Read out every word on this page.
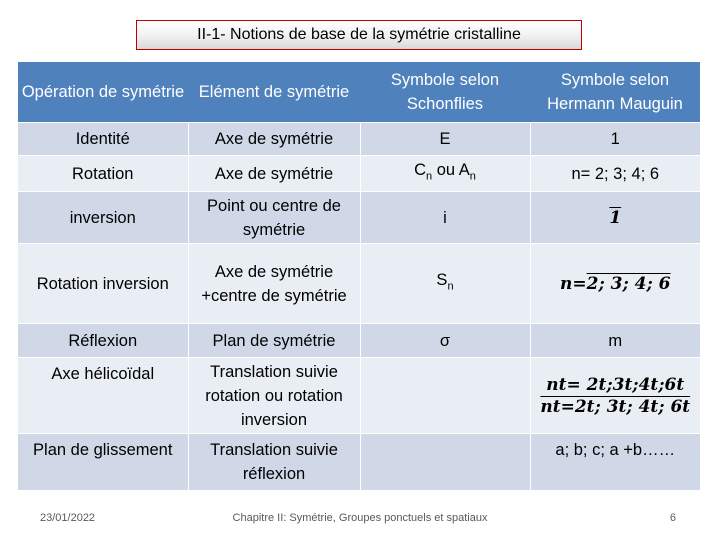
II-1- Notions de base de la symétrie cristalline
Opération de symétrie	Elément de symétrie	Symbole selon Schonflies	Symbole selon Hermann Mauguin
Identité	Axe de symétrie	E	1
Rotation	Axe de symétrie	$C_n$ ou $A_n$	n= 2; 3; 4; 6
inversion	Point ou centre de symétrie	i	1
Rotation inversion	Axe de symétrie +centre de symétrie	$S_n$	n=2; 3; 4; 6
Réflexion	Plan de symétrie	σ	m
Axe hélicoïdal	Translation suivie rotation ou rotation inversion		nt= 2t;3t;4t;6t
nt=2t; 3t; 4t; 6t

Plan de glissement	Translation suivie réflexion		a; b; c; a +b……
23/01/2022	Chapitre II: Symétrie, Groupes ponctuels et spatiaux	6
